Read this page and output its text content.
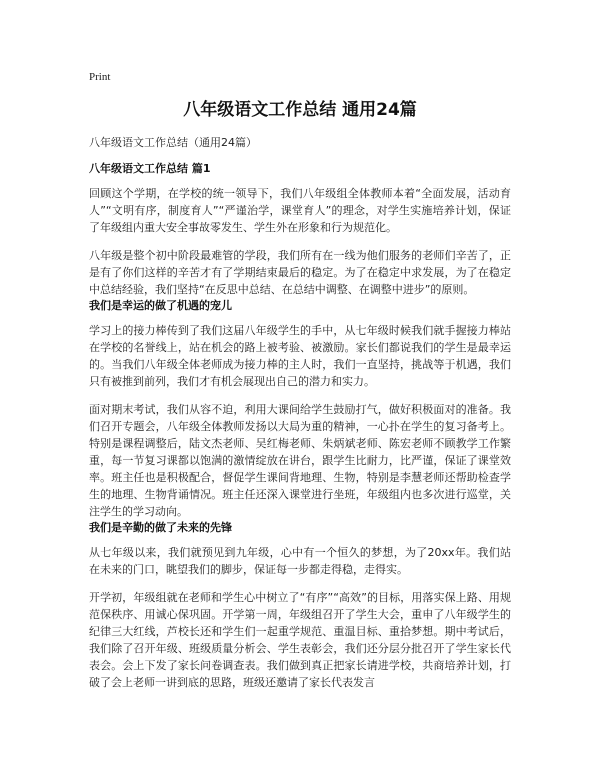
Print
八年级语文工作总结 通用24篇
八年级语文工作总结（通用24篇）
八年级语文工作总结 篇1

回顾这个学期，在学校的统一领导下，我们八年级组全体教师本着“全面发展，活动育人”“文明有序，制度育人”“严谨治学，课堂育人”的理念，对学生实施培养计划，保证了年级组内重大安全事故零发生、学生外在形象和行为规范化。

八年级是整个初中阶段最难管的学段，我们所有在一线为他们服务的老师们辛苦了，正是有了你们这样的辛苦才有了学期结束最后的稳定。为了在稳定中求发展，为了在稳定中总结经验，我们坚持“在反思中总结、在总结中调整、在调整中进步”的原则。

我们是幸运的做了机遇的宠儿

学习上的接力棒传到了我们这届八年级学生的手中，从七年级时候我们就手握接力棒站在学校的名誉线上，站在机会的路上被考验、被激励。家长们都说我们的学生是最幸运的。当我们八年级全体老师成为接力棒的主人时，我们一直坚持，挑战等于机遇，我们只有被推到前列，我们才有机会展现出自己的潜力和实力。

面对期末考试，我们从容不迫，利用大课间给学生鼓励打气，做好积极面对的准备。我们召开专题会，八年级全体教师发扬以大局为重的精神，一心扑在学生的复习备考上。特别是课程调整后，陆文杰老师、吴红梅老师、朱炳斌老师、陈宏老师不顾教学工作繁重，每一节复习课都以饱满的激情绽放在讲台，跟学生比耐力，比严谨，保证了课堂效率。班主任也是积极配合，督促学生课间背地理、生物，特别是李慧老师还帮助检查学生的地理、生物背诵情况。班主任还深入课堂进行坐班，年级组内也多次进行巡堂，关注学生的学习动向。

我们是辛勤的做了未来的先锋

从七年级以来，我们就预见到九年级，心中有一个恒久的梦想，为了20xx年。我们站在未来的门口，眺望我们的脚步，保证每一步都走得稳，走得实。

开学初，年级组就在老师和学生心中树立了“有序”“高效”的目标，用落实保上路、用规范保秩序、用诚心保巩固。开学第一周，年级组召开了学生大会，重申了八年级学生的纪律三大红线，芦校长还和学生们一起重学规范、重温目标、重拾梦想。期中考试后，我们除了召开年级、班级质量分析会、学生表彰会，我们还分层分批召开了学生家长代表会。会上下发了家长问卷调查表。我们做到真正把家长请进学校，共商培养计划，打破了会上老师一讲到底的思路，班级还邀请了家长代表发言
